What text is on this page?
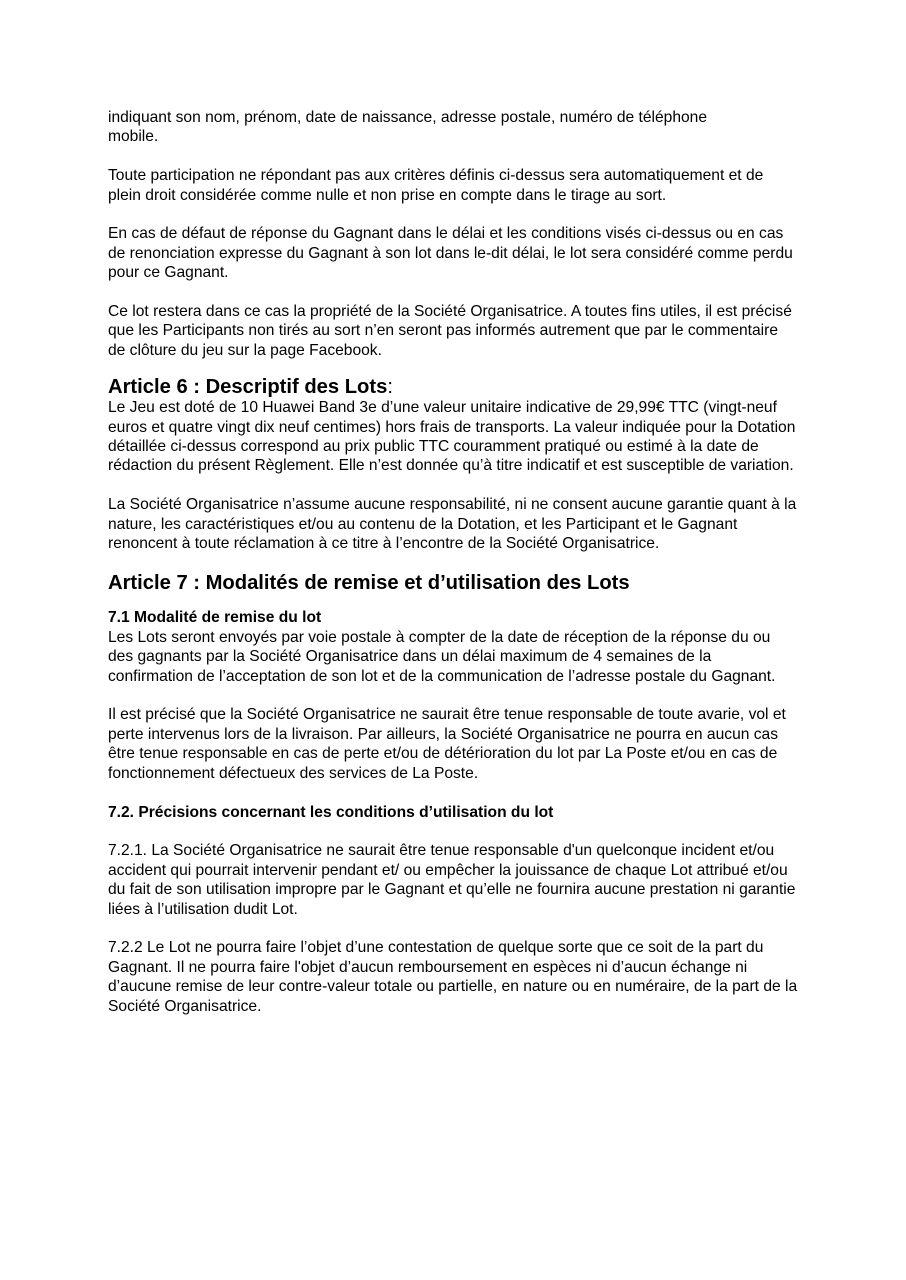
indiquant son nom, prénom, date de naissance, adresse postale, numéro de téléphone mobile.

Toute participation ne répondant pas aux critères définis ci-dessus sera automatiquement et de plein droit considérée comme nulle et non prise en compte dans le tirage au sort.

En cas de défaut de réponse du Gagnant dans le délai et les conditions visés ci-dessus ou en cas de renonciation expresse du Gagnant à son lot dans le-dit délai, le lot sera considéré comme perdu pour ce Gagnant.

Ce lot restera dans ce cas la propriété de la Société Organisatrice. A toutes fins utiles, il est précisé que les Participants non tirés au sort n’en seront pas informés autrement que par le commentaire de clôture du jeu sur la page Facebook.

Article 6 : Descriptif des Lots:

Le Jeu est doté de 10 Huawei Band 3e d’une valeur unitaire indicative de 29,99€ TTC (vingt-neuf euros et quatre vingt dix neuf centimes) hors frais de transports. La valeur indiquée pour la Dotation détaillée ci-dessus correspond au prix public TTC couramment pratiqué ou estimé à la date de rédaction du présent Règlement. Elle n’est donnée qu’à titre indicatif et est susceptible de variation.

La Société Organisatrice n’assume aucune responsabilité, ni ne consent aucune garantie quant à la nature, les caractéristiques et/ou au contenu de la Dotation, et les Participant et le Gagnant renoncent à toute réclamation à ce titre à l’encontre de la Société Organisatrice.

Article 7 : Modalités de remise et d’utilisation des Lots
7.1 Modalité de remise du lot

Les Lots seront envoyés par voie postale à compter de la date de réception de la réponse du ou des gagnants par la Société Organisatrice dans un délai maximum de 4 semaines de la confirmation de l’acceptation de son lot et de la communication de l’adresse postale du Gagnant.

Il est précisé que la Société Organisatrice ne saurait être tenue responsable de toute avarie, vol et perte intervenus lors de la livraison. Par ailleurs, la Société Organisatrice ne pourra en aucun cas être tenue responsable en cas de perte et/ou de détérioration du lot par La Poste et/ou en cas de fonctionnement défectueux des services de La Poste.

7.2. Précisions concernant les conditions d’utilisation du lot

7.2.1. La Société Organisatrice ne saurait être tenue responsable d'un quelconque incident et/ou accident qui pourrait intervenir pendant et/ ou empêcher la jouissance de chaque Lot attribué et/ou du fait de son utilisation impropre par le Gagnant et qu’elle ne fournira aucune prestation ni garantie liées à l’utilisation dudit Lot.

7.2.2 Le Lot ne pourra faire l’objet d’une contestation de quelque sorte que ce soit de la part du Gagnant. Il ne pourra faire l'objet d’aucun remboursement en espèces ni d’aucun échange ni d’aucune remise de leur contre-valeur totale ou partielle, en nature ou en numéraire, de la part de la Société Organisatrice.
